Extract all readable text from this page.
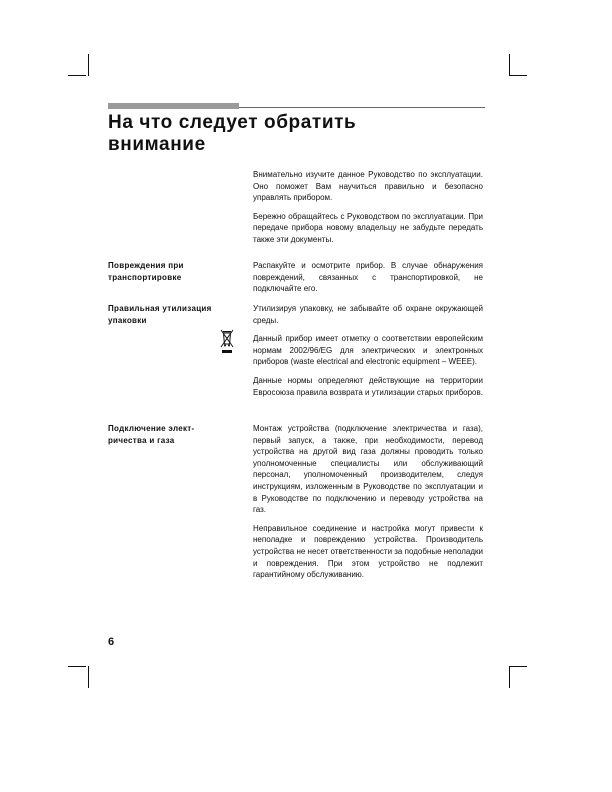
На что следует обратить
внимание

Внимательно изучите данное Руководство по эксплуатации. Оно поможет Вам научиться правильно и безопасно управлять прибором.

Бережно обращайтесь с Руководством по эксплуатации. При передаче прибора новому владельцу не забудьте передать также эти документы.

Повреждения при
транспортировке

Распакуйте и осмотрите прибор. В случае обнаружения повреждений, связанных с транспортировкой, не подключайте его.

Правильная утилизация
упаковки

Утилизируя упаковку, не забывайте об охране окружающей среды.

Данный прибор имеет отметку о соответствии европейским нормам 2002/96/EG для электрических и электронных приборов (waste electrical and electronic equipment – WEEE).

Данные нормы определяют действующие на территории Евросоюза правила возврата и утилизации старых приборов.

Подключение элект-
ричества и газа

Монтаж устройства (подключение электричества и газа), первый запуск, а также, при необходимости, перевод устройства на другой вид газа должны проводить только уполномоченные специалисты или обслуживающий персонал, уполномоченный производителем, следуя инструкциям, изложенным в Руководстве по эксплуатации и в Руководстве по подключению и переводу устройства на газ.

Неправильное соединение и настройка могут привести к неполадке и повреждению устройства. Производитель устройства не несет ответственности за подобные неполадки и повреждения. При этом устройство не подлежит гарантийному обслуживанию.

6
